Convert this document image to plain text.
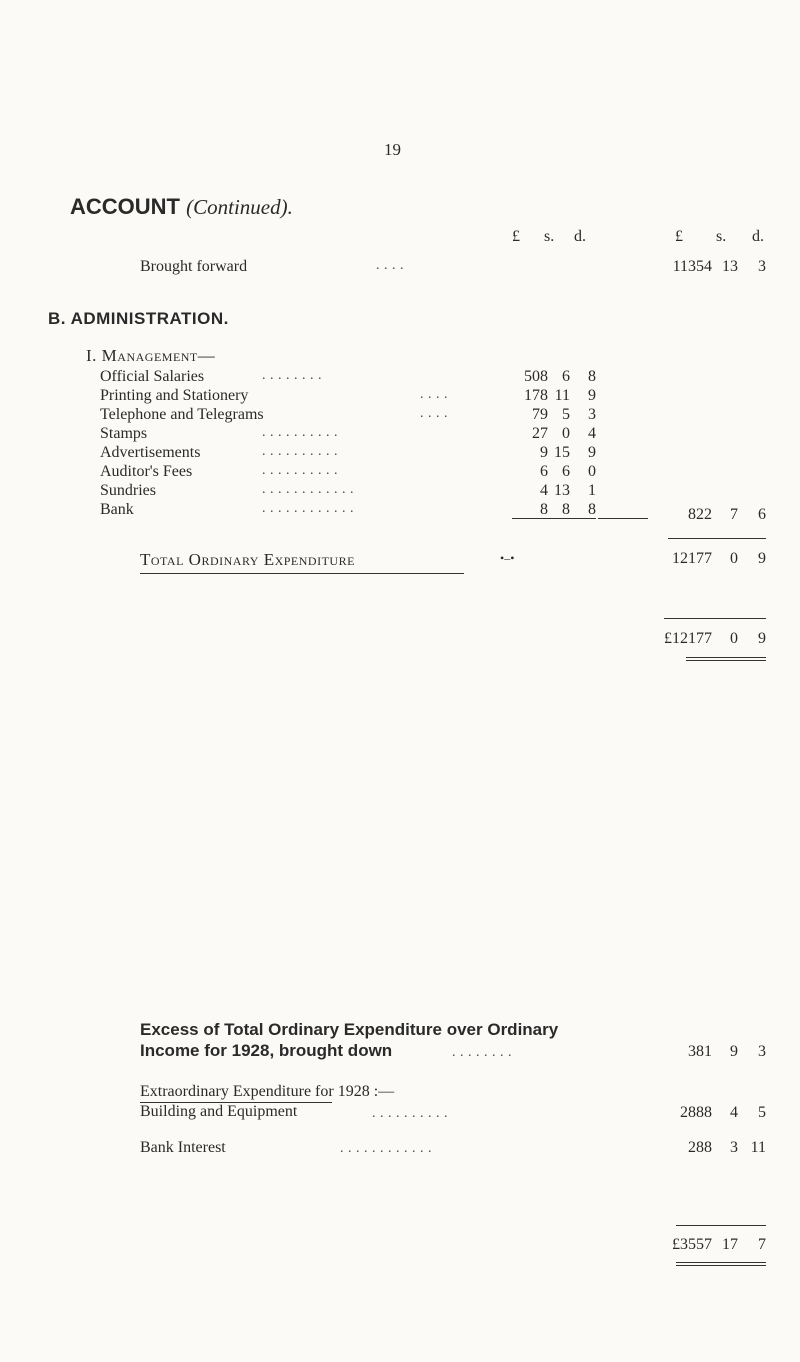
19
ACCOUNT (Continued).
£ s. d.	£ s. d.
Brought forward	. . . .	11354 13	3
B. ADMINISTRATION.
I. Management—
Official Salaries	. . . . . . . .	508 6	8
Printing and Stationery	. . . .	178 11	9
Telephone and Telegrams	. . . .	79 5	3
Stamps	. . . . . . . . . .	27 0	4
Advertisements	. . . . . . . . . .	9 15	9
Auditor's Fees	. . . . . . . . . .	6 6	0
Sundries	. . . . . . . . . . . .	4 13	1
Bank	. . . . . . . . . . . .	8 8	8	822	7	6
Total Ordinary Expenditure	•–•	12177	0	9
£12177	0	9
Excess of Total Ordinary Expenditure over Ordinary
Income for 1928, brought down	. . . . . . . .	381	9	3
Extraordinary Expenditure for 1928 :—
Building and Equipment	. . . . . . . . . .	2888	4	5
Bank Interest	. . . . . . . . . . . .	288	3 11
£3557 17	7
